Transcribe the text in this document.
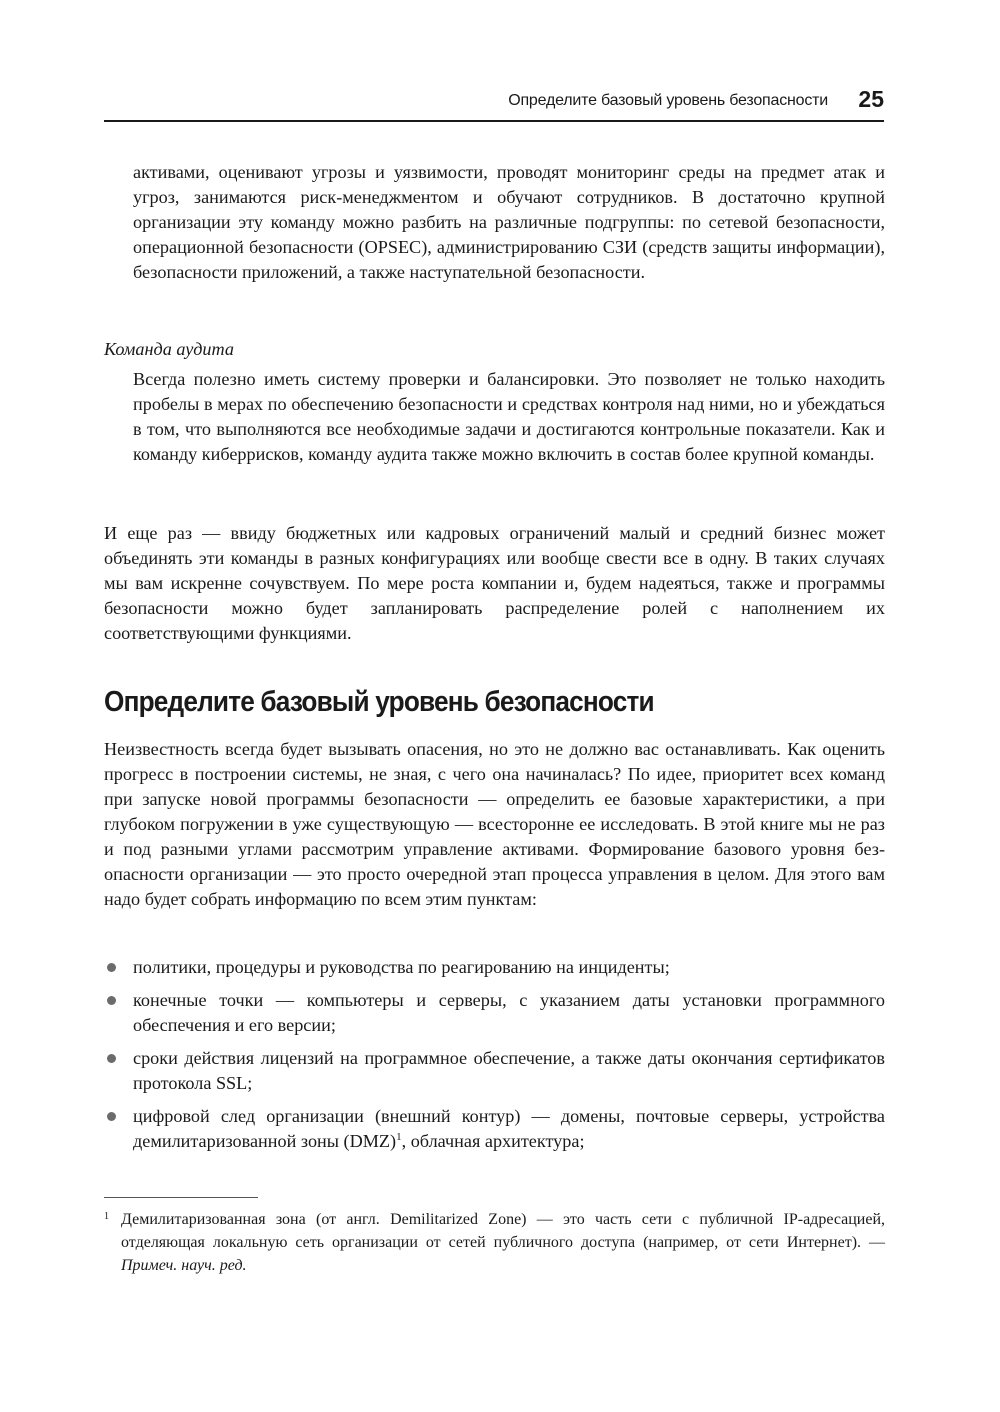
Определите базовый уровень безопасности 25

активами, оценивают угрозы и уязвимости, проводят мониторинг среды на предмет атак и угроз, занимаются риск-менеджментом и обучают сотрудников. В достаточно крупной организации эту команду можно разбить на различные подгруппы: по сетевой безопасности, операционной безопасности (OPSEC), администрированию СЗИ (средств защиты информации), безопасности приложений, а также наступательной безопасности.

Команда аудита

Всегда полезно иметь систему проверки и балансировки. Это позволяет не только находить пробелы в мерах по обеспечению безопасности и средствах контроля над ними, но и убеждаться в том, что выполняются все необходимые задачи и достигаются контрольные показатели. Как и команду киберрисков, команду аудита также можно включить в состав более крупной команды.

И еще раз — ввиду бюджетных или кадровых ограничений малый и средний бизнес может объединять эти команды в разных конфигурациях или вообще свести все в одну. В таких случаях мы вам искренне сочувствуем. По мере роста компании и, будем надеяться, также и программы безопасности можно будет запланировать распределение ролей с наполнением их соответствующими функциями.

Определите базовый уровень безопасности

Неизвестность всегда будет вызывать опасения, но это не должно вас останавливать. Как оценить прогресс в построении системы, не зная, с чего она начиналась? По идее, приоритет всех команд при запуске новой программы безопасности — определить ее базовые характеристики, а при глубоком погружении в уже существующую — всесторонне ее исследовать. В этой книге мы не раз и под разными углами рассмотрим управление активами. Формирование базового уровня безопасности организации — это просто очередной этап процесса управления в целом. Для этого вам надо будет собрать информацию по всем этим пунктам:

политики, процедуры и руководства по реагированию на инциденты;
конечные точки — компьютеры и серверы, с указанием даты установки программного обеспечения и его версии;
сроки действия лицензий на программное обеспечение, а также даты окончания сертификатов протокола SSL;
цифровой след организации (внешний контур) — домены, почтовые серверы, устройства демилитаризованной зоны (DMZ)$^1$, облачная архитектура;

1 Демилитаризованная зона (от англ. Demilitarized Zone) — это часть сети с публичной IP-адресацией, отделяющая локальную сеть организации от сетей публичного доступа (например, от сети Интернет). — Примеч. науч. ред.
